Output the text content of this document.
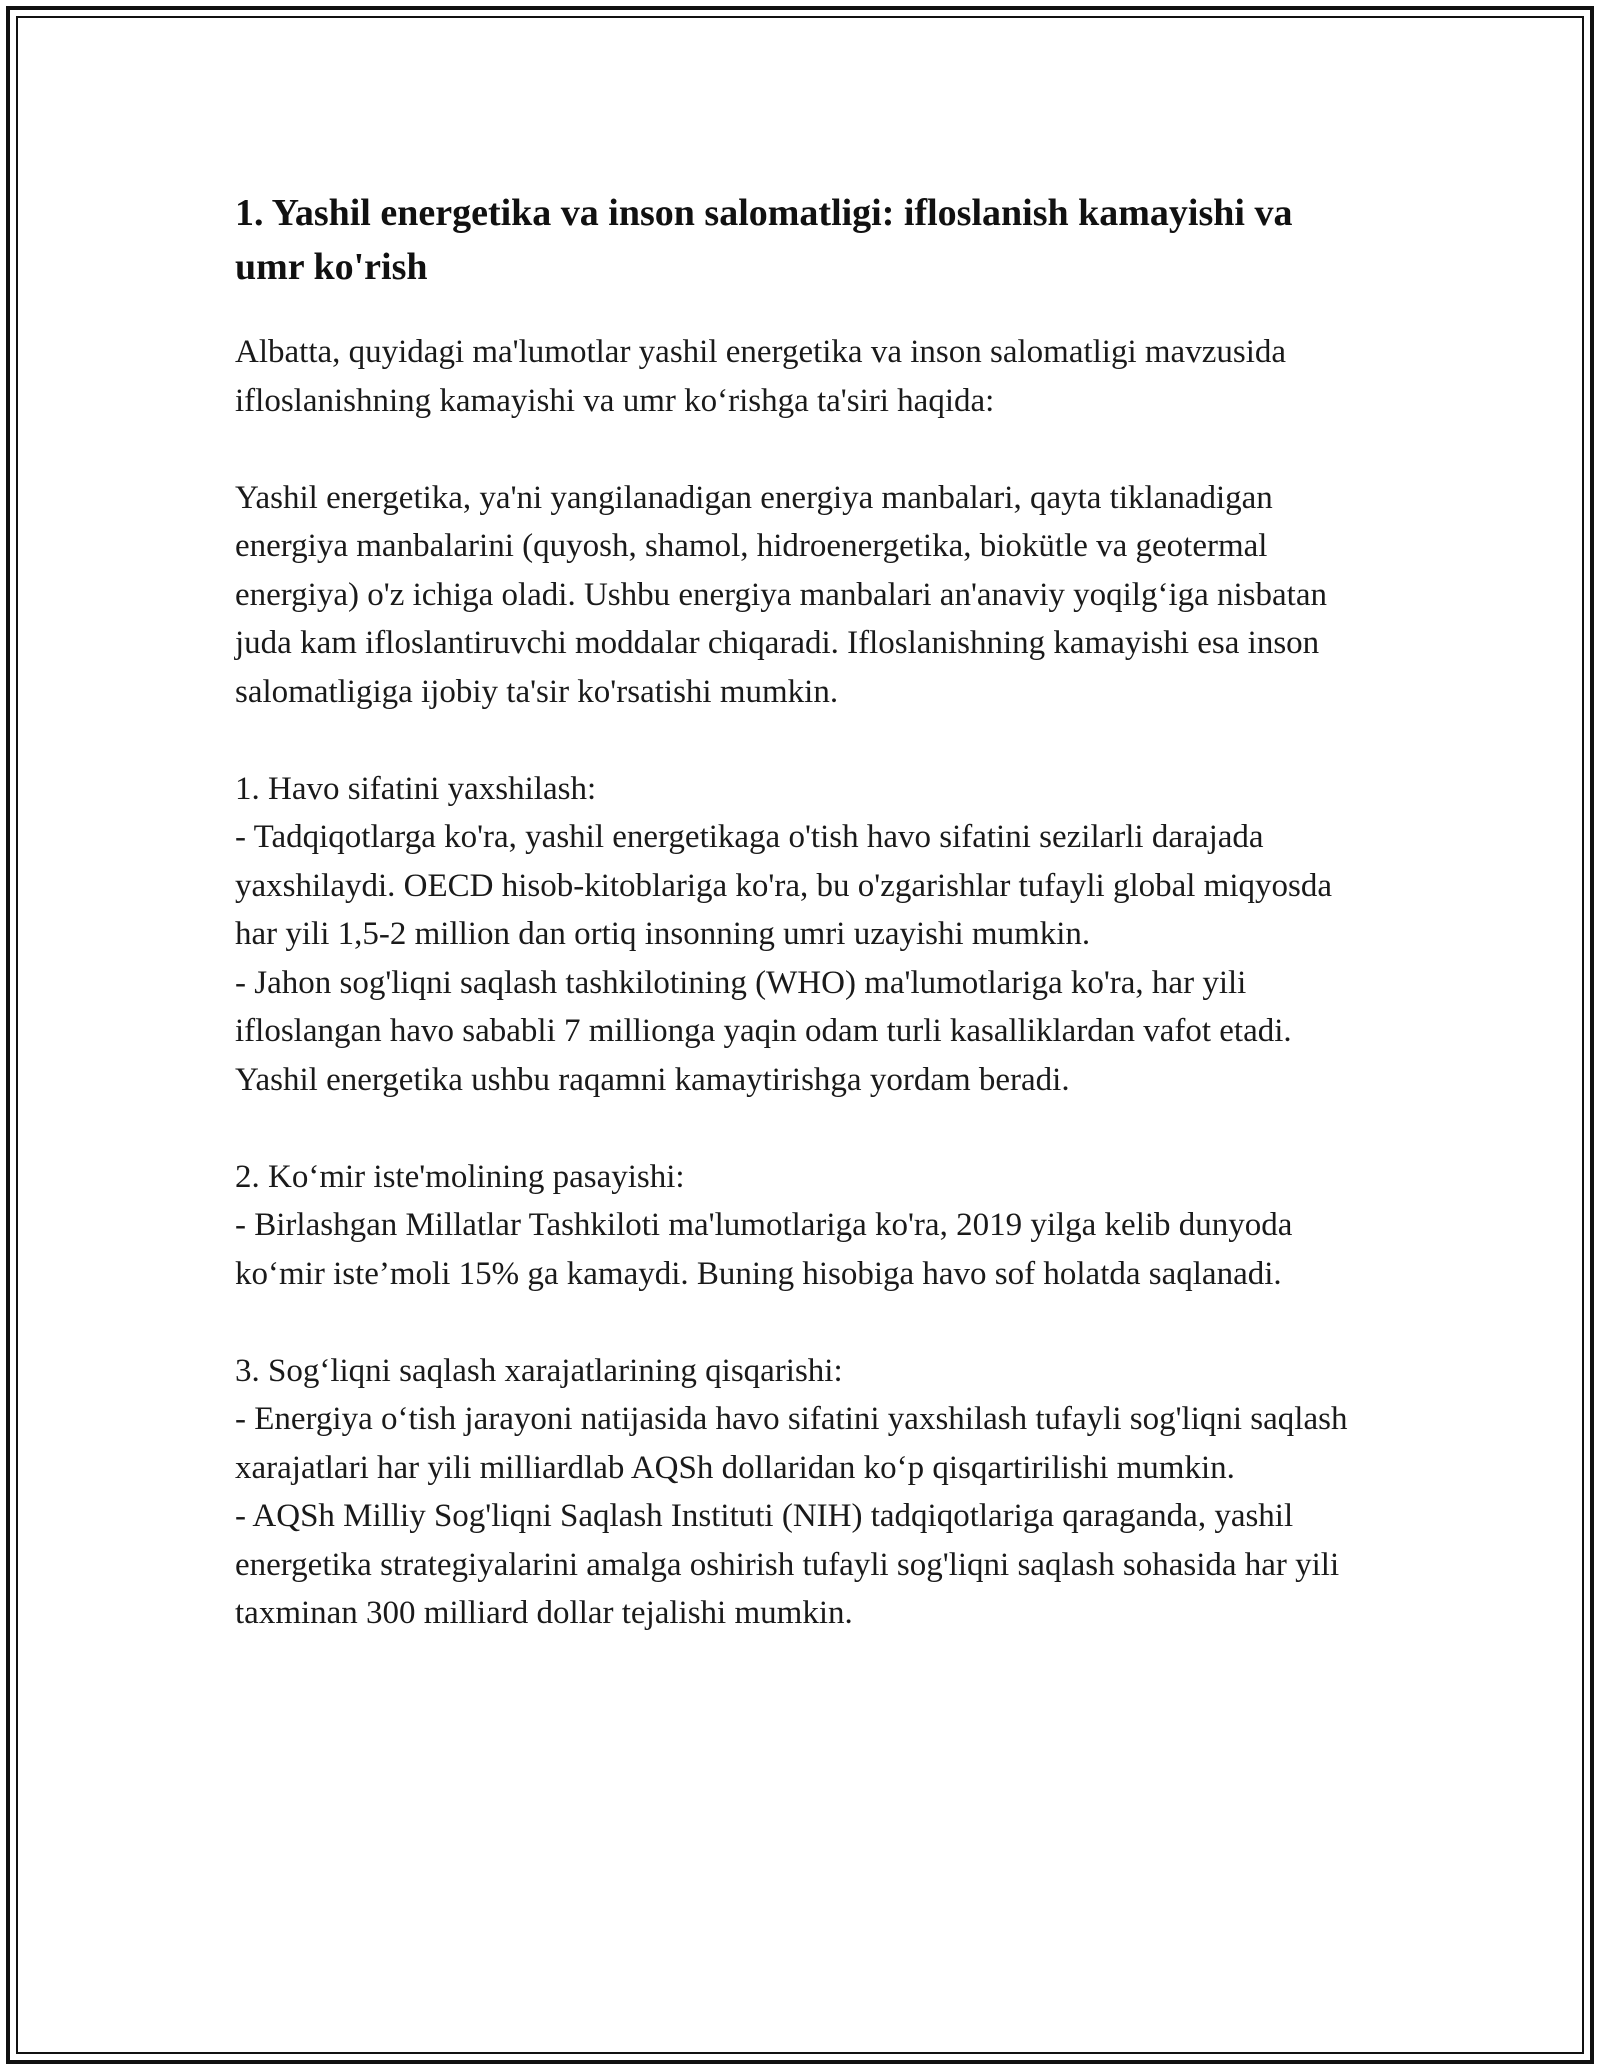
1. Yashil energetika va inson salomatligi: ifloslanish kamayishi va umr ko'rish

Albatta, quyidagi ma'lumotlar yashil energetika va inson salomatligi mavzusida ifloslanishning kamayishi va umr koʻrishga ta'siri haqida:

Yashil energetika, ya'ni yangilanadigan energiya manbalari, qayta tiklanadigan energiya manbalarini (quyosh, shamol, hidroenergetika, biokütle va geotermal energiya) o'z ichiga oladi. Ushbu energiya manbalari an'anaviy yoqilgʻiga nisbatan juda kam ifloslantiruvchi moddalar chiqaradi. Ifloslanishning kamayishi esa inson salomatligiga ijobiy ta'sir ko'rsatishi mumkin.

1. Havo sifatini yaxshilash:

- Tadqiqotlarga ko'ra, yashil energetikaga o'tish havo sifatini sezilarli darajada yaxshilaydi. OECD hisob-kitoblariga ko'ra, bu o'zgarishlar tufayli global miqyosda har yili 1,5-2 million dan ortiq insonning umri uzayishi mumkin.

- Jahon sog'liqni saqlash tashkilotining (WHO) ma'lumotlariga ko'ra, har yili ifloslangan havo sababli 7 millionga yaqin odam turli kasalliklardan vafot etadi. Yashil energetika ushbu raqamni kamaytirishga yordam beradi.

2. Koʻmir iste'molining pasayishi:

- Birlashgan Millatlar Tashkiloti ma'lumotlariga ko'ra, 2019 yilga kelib dunyoda koʻmir iste’moli 15% ga kamaydi. Buning hisobiga havo sof holatda saqlanadi.

3. Sogʻliqni saqlash xarajatlarining qisqarishi:

- Energiya oʻtish jarayoni natijasida havo sifatini yaxshilash tufayli sog'liqni saqlash xarajatlari har yili milliardlab AQSh dollaridan koʻp qisqartirilishi mumkin.

- AQSh Milliy Sog'liqni Saqlash Instituti (NIH) tadqiqotlariga qaraganda, yashil energetika strategiyalarini amalga oshirish tufayli sog'liqni saqlash sohasida har yili taxminan 300 milliard dollar tejalishi mumkin.
